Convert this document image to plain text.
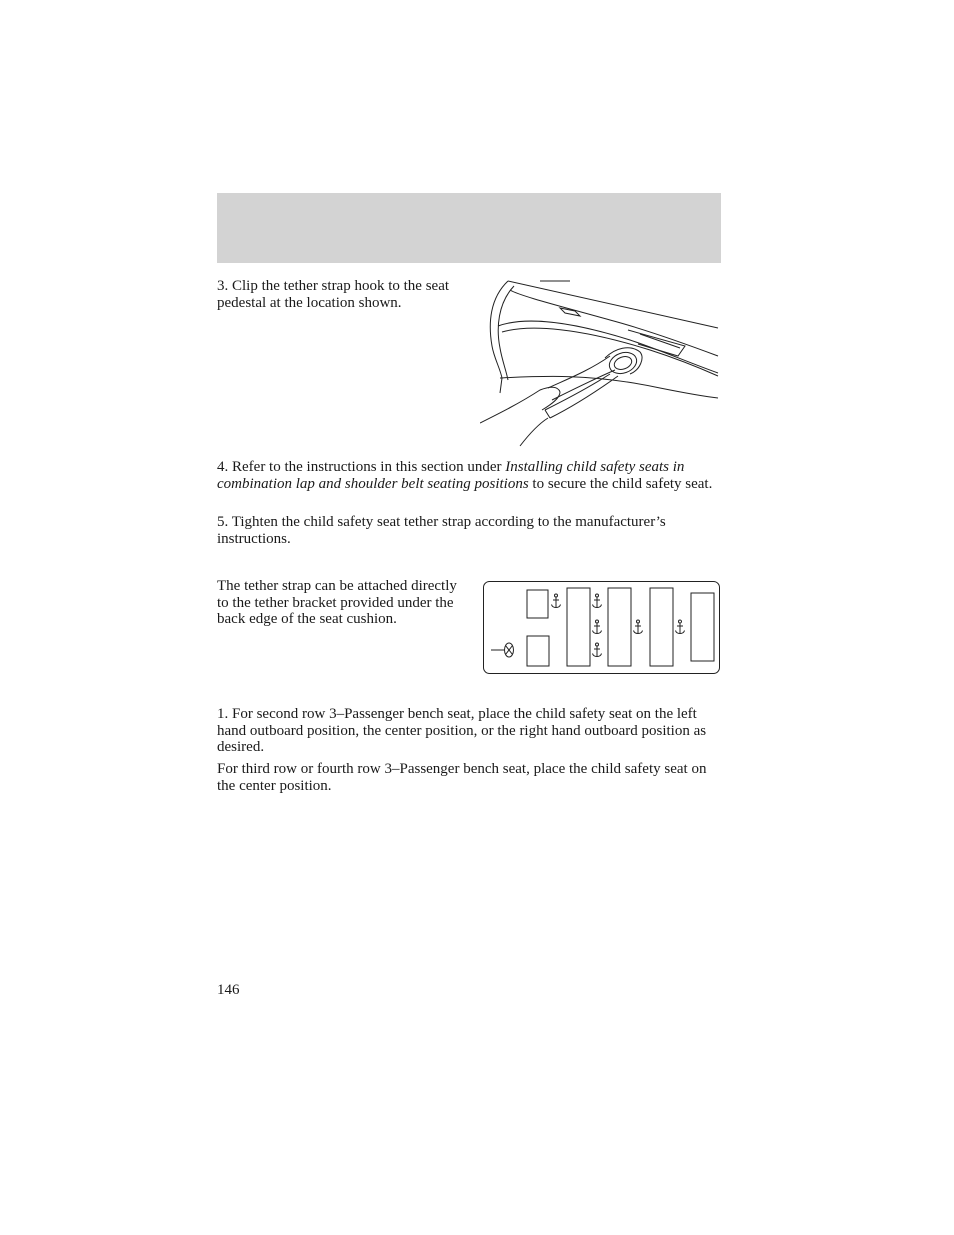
3. Clip the tether strap hook to the seat pedestal at the location shown.

4. Refer to the instructions in this section under Installing child safety seats in combination lap and shoulder belt seating positions to secure the child safety seat.

5. Tighten the child safety seat tether strap according to the manufacturer’s instructions.

The tether strap can be attached directly to the tether bracket provided under the back edge of the seat cushion.

1. For second row 3–Passenger bench seat, place the child safety seat on the left hand outboard position, the center position, or the right hand outboard position as desired.

For third row or fourth row 3–Passenger bench seat, place the child safety seat on the center position.

146
